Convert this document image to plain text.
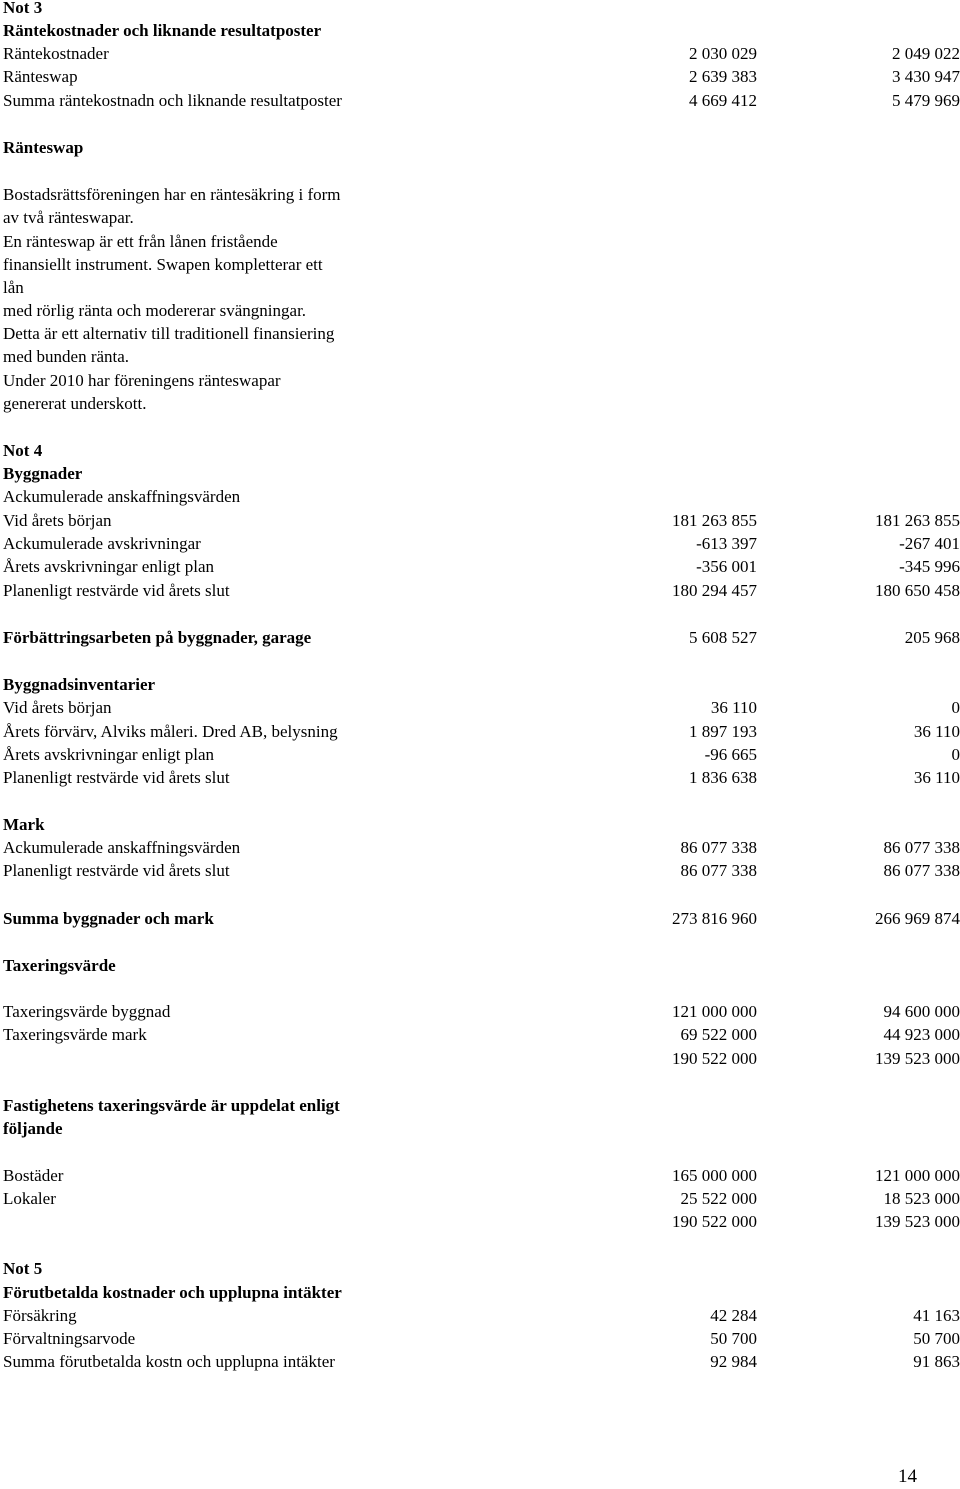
Not 3
Räntekostnader och liknande resultatposter
Räntekostnader	2 030 029	2 049 022
Ränteswap	2 639 383	3 430 947
Summa räntekostnadn och liknande resultatposter	4 669 412	5 479 969
Ränteswap
Bostadsrättsföreningen har en räntesäkring i form
av två ränteswapar.
En ränteswap är ett från lånen fristående
finansiellt instrument. Swapen kompletterar ett
lån
med rörlig ränta och modererar svängningar.
Detta är ett alternativ till traditionell finansiering
med bunden ränta.
Under 2010 har föreningens ränteswapar
genererat underskott.
Not 4
Byggnader
Ackumulerade anskaffningsvärden
Vid årets början	181 263 855	181 263 855
Ackumulerade avskrivningar	-613 397	-267 401
Årets avskrivningar enligt plan	-356 001	-345 996
Planenligt restvärde vid årets slut	180 294 457	180 650 458
Förbättringsarbeten på byggnader, garage	5 608 527	205 968
Byggnadsinventarier
Vid årets början	36 110	0
Årets förvärv, Alviks måleri. Dred AB, belysning	1 897 193	36 110
Årets avskrivningar enligt plan	-96 665	0
Planenligt restvärde vid årets slut	1 836 638	36 110
Mark
Ackumulerade anskaffningsvärden	86 077 338	86 077 338
Planenligt restvärde vid årets slut	86 077 338	86 077 338
Summa byggnader och mark	273 816 960	266 969 874
Taxeringsvärde
Taxeringsvärde byggnad	121 000 000	94 600 000
Taxeringsvärde mark	69 522 000	44 923 000
190 522 000	139 523 000
Fastighetens taxeringsvärde är uppdelat enligt
följande
Bostäder	165 000 000	121 000 000
Lokaler	25 522 000	18 523 000
190 522 000	139 523 000
Not 5
Förutbetalda kostnader och upplupna intäkter
Försäkring	42 284	41 163
Förvaltningsarvode	50 700	50 700
Summa förutbetalda kostn och upplupna intäkter	92 984	91 863
14
